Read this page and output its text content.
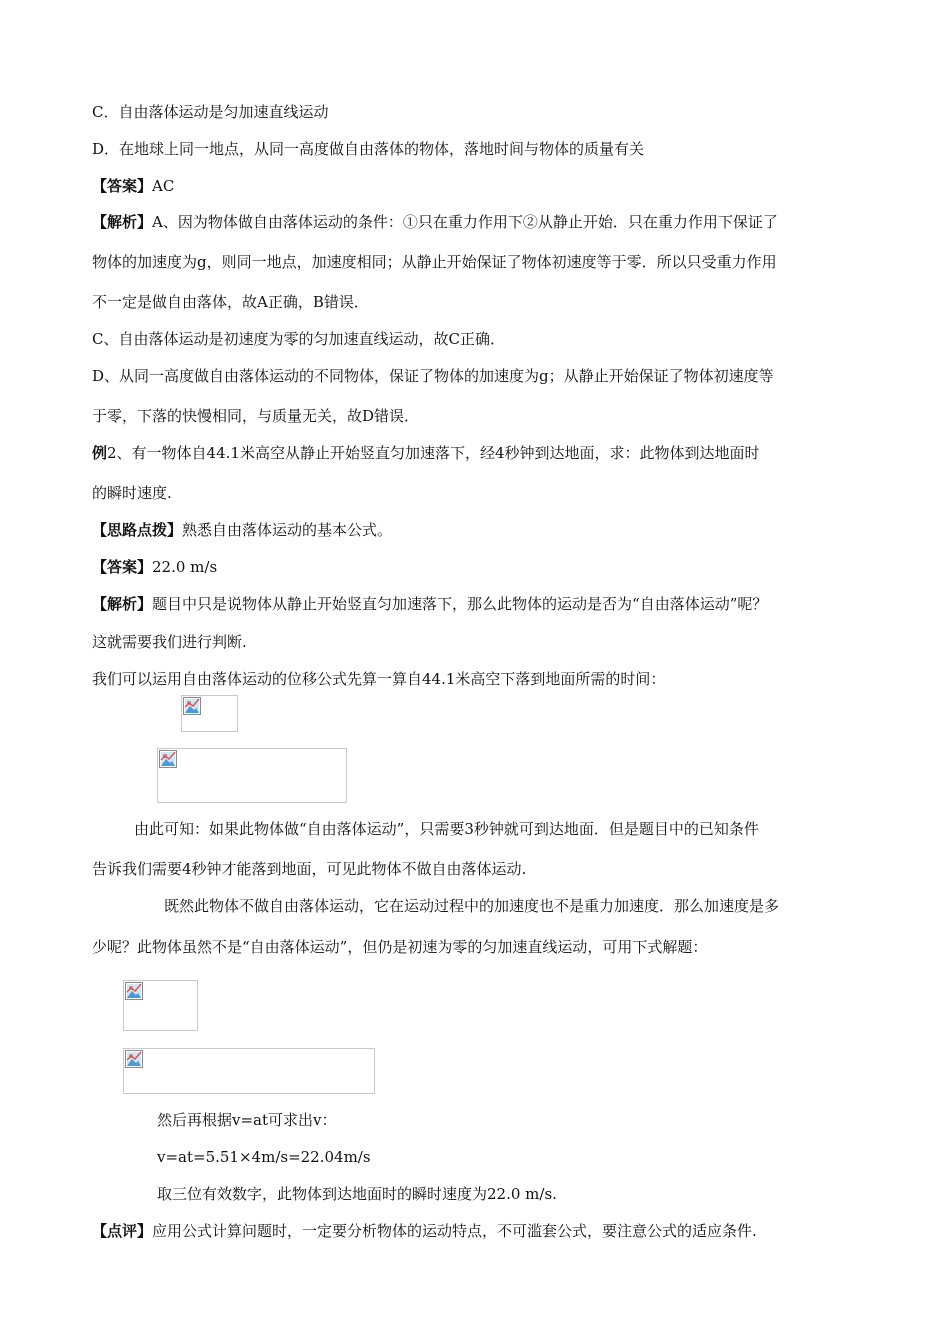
C．自由落体运动是匀加速直线运动
D．在地球上同一地点，从同一高度做自由落体的物体，落地时间与物体的质量有关
【答案】AC
【解析】A、因为物体做自由落体运动的条件：①只在重力作用下②从静止开始．只在重力作用下保证了
物体的加速度为g，则同一地点，加速度相同；从静止开始保证了物体初速度等于零．所以只受重力作用
不一定是做自由落体，故A正确，B错误．
C、自由落体运动是初速度为零的匀加速直线运动，故C正确．
D、从同一高度做自由落体运动的不同物体，保证了物体的加速度为g；从静止开始保证了物体初速度等
于零，下落的快慢相同，与质量无关，故D错误．
例2、有一物体自44.1米高空从静止开始竖直匀加速落下，经4秒钟到达地面，求：此物体到达地面时
的瞬时速度.
【思路点拨】熟悉自由落体运动的基本公式。
【答案】22.0 m/s
【解析】题目中只是说物体从静止开始竖直匀加速落下，那么此物体的运动是否为“自由落体运动”呢？
这就需要我们进行判断.
我们可以运用自由落体运动的位移公式先算一算自44.1米高空下落到地面所需的时间：
由此可知：如果此物体做“自由落体运动”，只需要3秒钟就可到达地面．但是题目中的已知条件
告诉我们需要4秒钟才能落到地面，可见此物体不做自由落体运动.
既然此物体不做自由落体运动，它在运动过程中的加速度也不是重力加速度．那么加速度是多
少呢？此物体虽然不是“自由落体运动”，但仍是初速为零的匀加速直线运动，可用下式解题：
然后再根据v=at可求出v：
v=at=5.51×4m/s=22.04m/s
取三位有效数字，此物体到达地面时的瞬时速度为22.0 m/s.
【点评】应用公式计算问题时，一定要分析物体的运动特点，不可滥套公式，要注意公式的适应条件.
